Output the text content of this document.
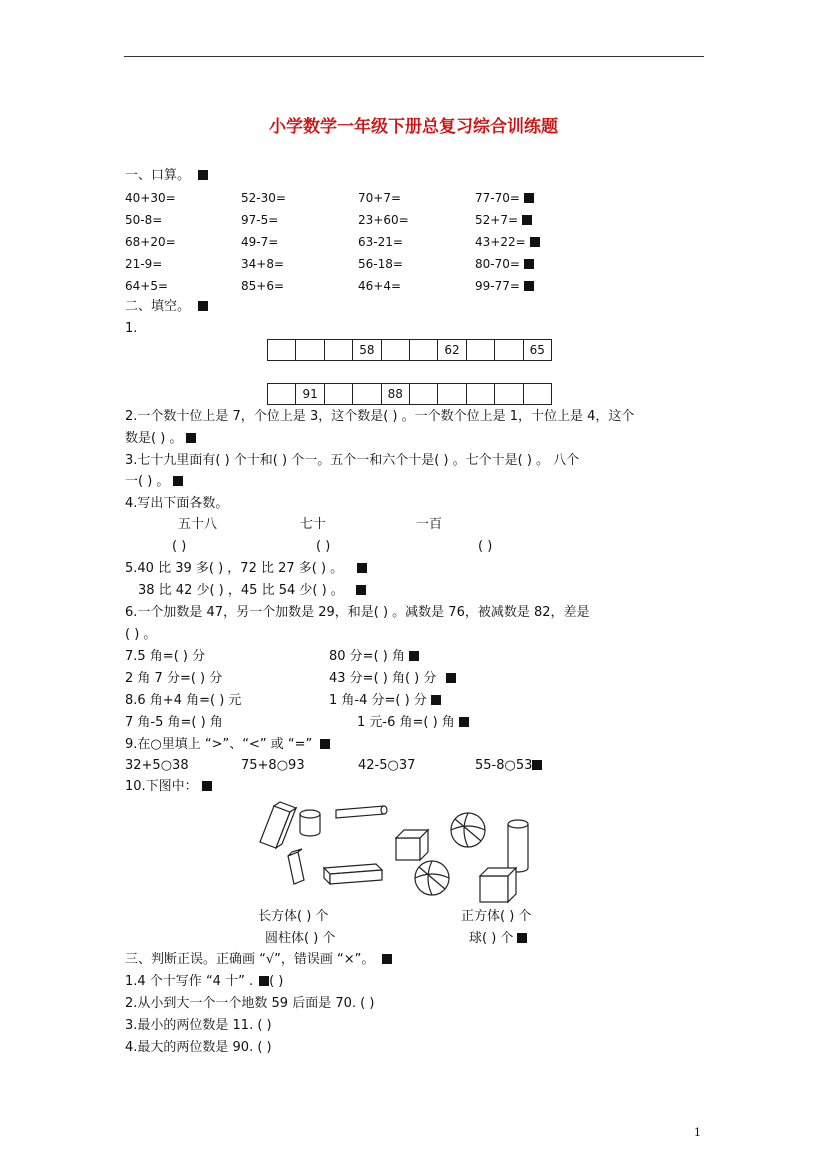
小学数学一年级下册总复习综合训练题
一、口算。
40+30=	52-30=	70+7=	77-70=
50-8=	97-5=	23+60=	52+7=
68+20=	49-7=	63-21=	43+22=
21-9=	34+8=	56-18=	80-70=
64+5=	85+6=	46+4=	99-77=
二、填空。
1.
			58			62			65
	91			88					
2.一个数十位上是 7，个位上是 3，这个数是( ) 。一个数个位上是 1，十位上是 4，这个
数是( ) 。
3.七十九里面有( ) 个十和( ) 个一。五个一和六个十是( ) 。七个十是( ) 。 八个
一( ) 。
4.写出下面各数。
五十八	七十	一百
( )	( )	( )
5.40 比 39 多( ) ，72 比 27 多( ) 。
38 比 42 少( ) ，45 比 54 少( ) 。
6.一个加数是 47，另一个加数是 29，和是( ) 。减数是 76，被减数是 82，差是
( ) 。
7.5 角=( ) 分	80 分=( ) 角
2 角 7 分=( ) 分	43 分=( ) 角( ) 分
8.6 角+4 角=( ) 元	1 角-4 分=( ) 分
7 角-5 角=( ) 角	1 元-6 角=( ) 角
9.在○里填上 “>”、“<” 或 “=”
32+5○38	75+8○93	42-5○37	55-8○53
10.下图中：
长方体( ) 个	正方体( ) 个
圆柱体( ) 个	球( ) 个
三、判断正误。正确画 “√”，错误画 “×”。
1.4 个十写作 “4 十” . ( )
2.从小到大一个一个地数 59 后面是 70. ( )
3.最小的两位数是 11. ( )
4.最大的两位数是 90. ( )
1
